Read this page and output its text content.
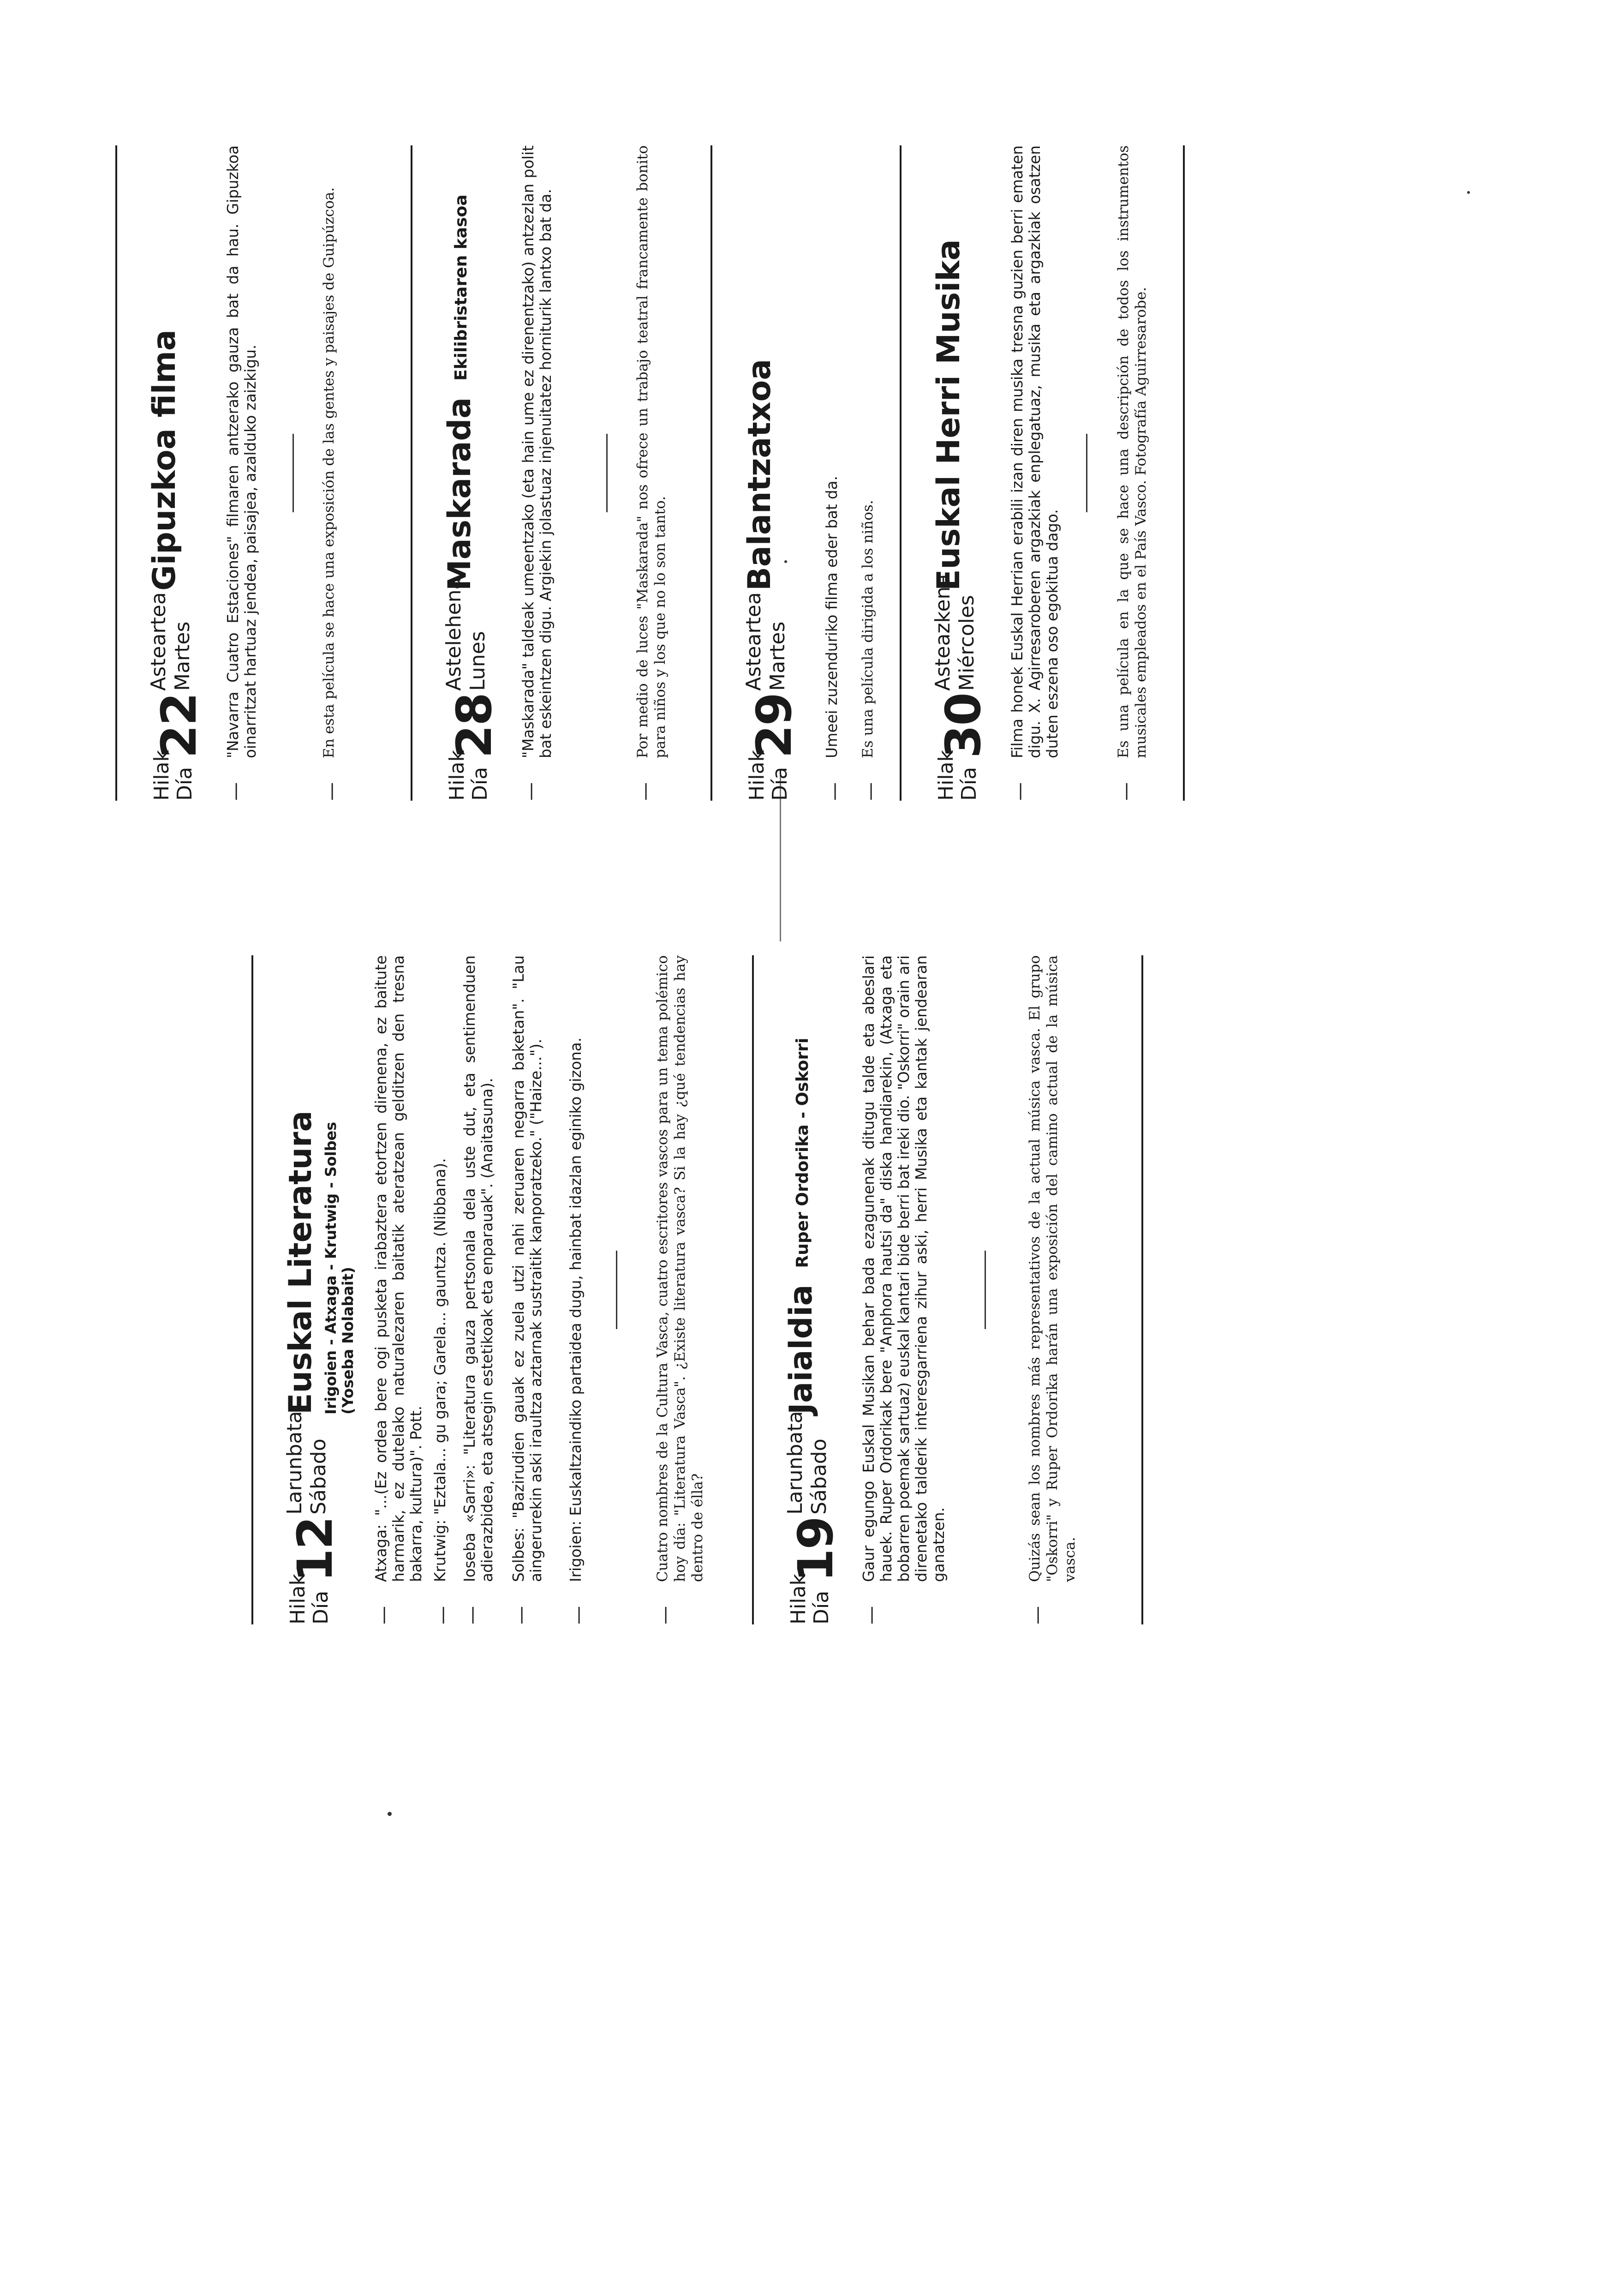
Hilak Día
12
Larunbata Sábado
Euskal Literatura Irigoien - Atxaga - Krutwig - Solbes (Yoseba Nolabait)
—
Atxaga: "...(Ez ordea bere ogi pusketa irabaztera etortzen direnena, ez baitute harmarik, ez dutelako naturalezaren baitatik ateratzean gelditzen den tresna bakarra, kultura)". Pott.
—
Krutwig: "Eztala... gu gara; Garela... gauntza. (Nibbana).
—
Ioseba «Sarri»: "Literatura gauza pertsonala dela uste dut, eta sentimenduen adierazbidea, eta atsegin estetikoak eta enparauak". (Anaitasuna).
—
Solbes: "Bazirudien gauak ez zuela utzi nahi zeruaren negarra baketan". "Lau aingerurekin aski iraultza aztarnak sustraitik kanporatzeko." ("Haize...").
—
Irigoien: Euskaltzaindiko partaidea dugu, hainbat idazlan eginiko gizona.
—
Cuatro nombres de la Cultura Vasca, cuatro escritores vascos para un tema polémico hoy día: "Literatura Vasca". ¿Existe literatura vasca? Si la hay ¿qué tendencias hay dentro de élla?
Hilak Día
19
Larunbata Sábado
JaialdiaRuper Ordorika - Oskorri
—
Gaur egungo Euskal Musikan behar bada ezagunenak ditugu talde eta abeslari hauek. Ruper Ordorikak bere "Anphora hautsi da" diska handiarekin, (Atxaga eta bobarren poemak sartuaz) euskal kantari bide berri bat ireki dio. "Oskorri" orain ari direnetako talderik interesgarriena zihur aski, herri Musika eta kantak jendearan ganatzen.
—
Quizás sean los nombres más representativos de la actual música vasca. El grupo "Oskorri" y Ruper Ordorika harán una exposición del camino actual de la música vasca.
Hilak Día
22
Asteartea Martes
Gipuzkoa filma
—
"Navarra Cuatro Estaciones" filmaren antzerako gauza bat da hau. Gipuzkoa oinarritzat hartuaz jendea, paisajea, azalduko zaizkigu.
—
En esta película se hace una exposición de las gentes y paisajes de Guipúzcoa.
Hilak Día
28
Astelehena Lunes
MaskaradaEkilibristaren kasoa
—
"Maskarada" taldeak umeentzako (eta hain ume ez direnentzako) antzezlan polit bat eskeintzen digu. Argiekin jolastuaz injenuitatez horniturik lantxo bat da.
—
Por medio de luces "Maskarada" nos ofrece un trabajo teatral francamente bonito para niños y los que no lo son tanto.
Hilak Día
29
Asteartea Martes
Balantzatxoa
—
Umeei zuzenduriko filma eder bat da.
—
Es una película dirigida a los niños.
Hilak Día
30
Asteazkena Miércoles
Euskal Herri Musika
—
Filma honek Euskal Herrian erabili izan diren musika tresna guzien berri ematen digu. X. Agirresaroberen argazkiak enplegatuaz, musika eta argazkiak osatzen duten eszena oso egokitua dago.
—
Es una película en la que se hace una descripción de todos los instrumentos musicales empleados en el País Vasco. Fotografía Aguirresarobe.
